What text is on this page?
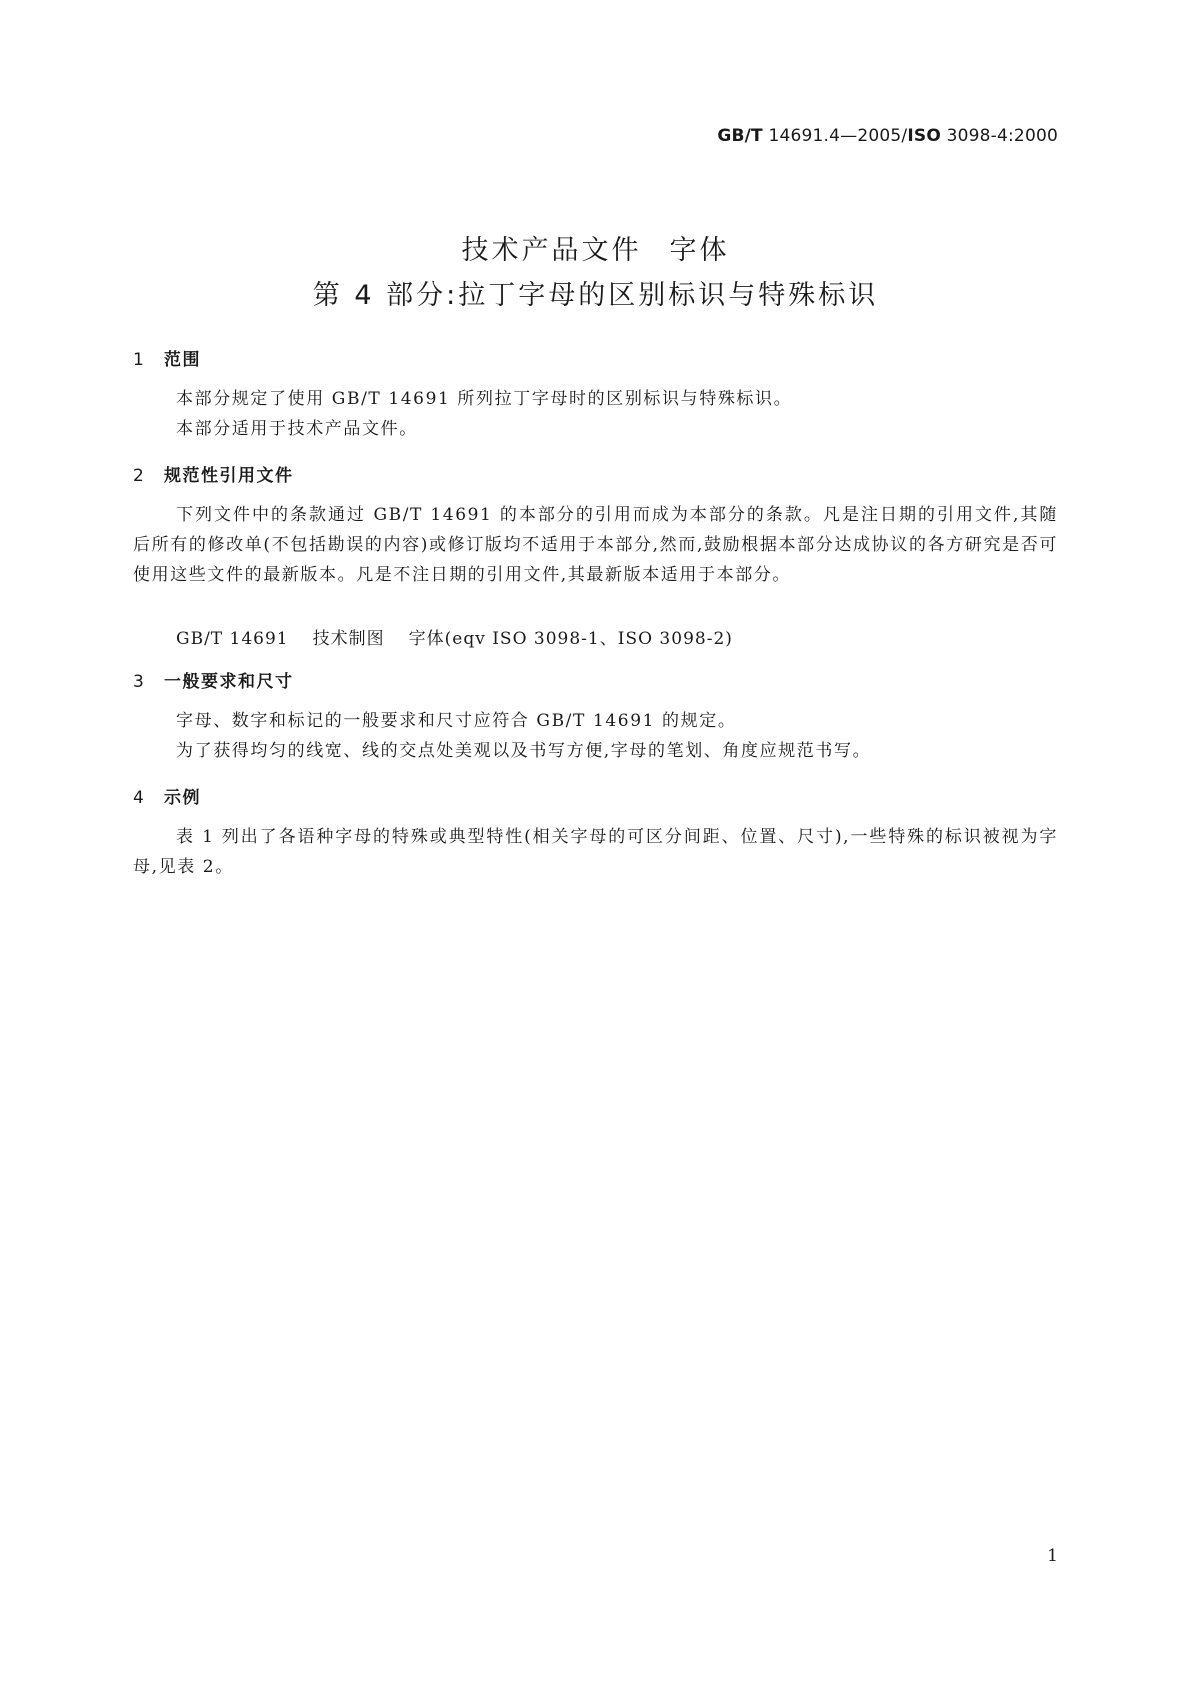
GB/T 14691.4—2005/ISO 3098-4:2000
技术产品文件 字体
第 4 部分:拉丁字母的区别标识与特殊标识
1 范围
本部分规定了使用 GB/T 14691 所列拉丁字母时的区别标识与特殊标识。
本部分适用于技术产品文件。
2 规范性引用文件
下列文件中的条款通过 GB/T 14691 的本部分的引用而成为本部分的条款。凡是注日期的引用文件,其随后所有的修改单(不包括勘误的内容)或修订版均不适用于本部分,然而,鼓励根据本部分达成协议的各方研究是否可使用这些文件的最新版本。凡是不注日期的引用文件,其最新版本适用于本部分。
GB/T 14691 技术制图 字体(eqv ISO 3098-1、ISO 3098-2)
3 一般要求和尺寸
字母、数字和标记的一般要求和尺寸应符合 GB/T 14691 的规定。
为了获得均匀的线宽、线的交点处美观以及书写方便,字母的笔划、角度应规范书写。
4 示例
表 1 列出了各语种字母的特殊或典型特性(相关字母的可区分间距、位置、尺寸),一些特殊的标识被视为字母,见表 2。
1
